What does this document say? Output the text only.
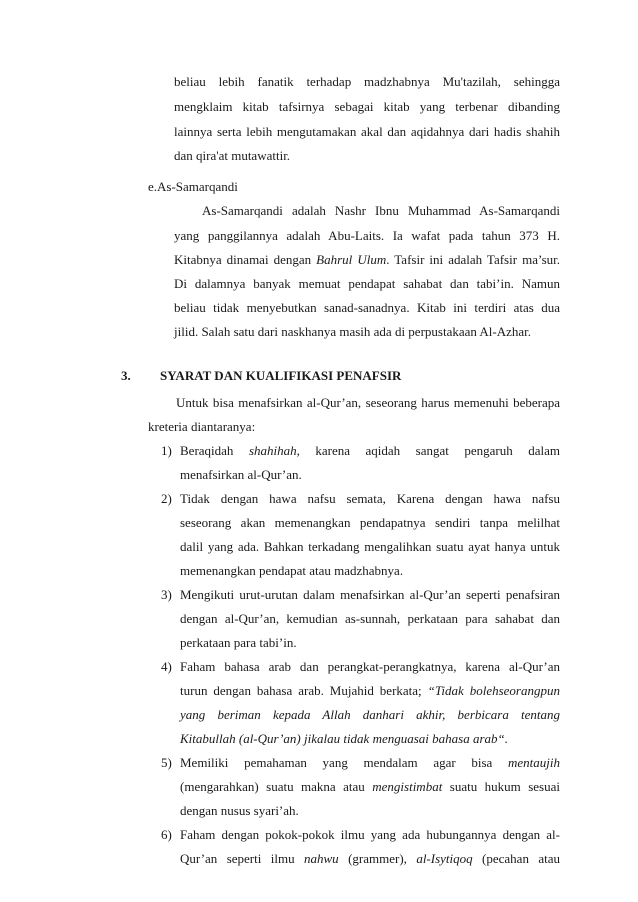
beliau lebih fanatik terhadap madzhabnya Mu'tazilah, sehingga
mengklaim kitab tafsirnya sebagai kitab yang terbenar dibanding
lainnya serta lebih mengutamakan akal dan aqidahnya dari hadis shahih
dan qira'at mutawattir.
e.As-Samarqandi
As-Samarqandi adalah Nashr Ibnu Muhammad As-Samarqandi
yang panggilannya adalah Abu-Laits. Ia wafat pada tahun 373 H.
Kitabnya dinamai dengan Bahrul Ulum. Tafsir ini adalah Tafsir ma’sur.
Di dalamnya banyak memuat pendapat sahabat dan tabi’in. Namun
beliau tidak menyebutkan sanad-sanadnya. Kitab ini terdiri atas dua
jilid. Salah satu dari naskhanya masih ada di perpustakaan Al-Azhar.
3. SYARAT DAN KUALIFIKASI PENAFSIR
Untuk bisa menafsirkan al-Qur’an, seseorang harus memenuhi beberapa
kreteria diantaranya:
1) Beraqidah shahihah, karena aqidah sangat pengaruh dalam
menafsirkan al-Qur’an.
2) Tidak dengan hawa nafsu semata, Karena dengan hawa nafsu
seseorang akan memenangkan pendapatnya sendiri tanpa melilhat
dalil yang ada. Bahkan terkadang mengalihkan suatu ayat hanya untuk
memenangkan pendapat atau madzhabnya.
3) Mengikuti urut-urutan dalam menafsirkan al-Qur’an seperti penafsiran
dengan al-Qur’an, kemudian as-sunnah, perkataan para sahabat dan
perkataan para tabi’in.
4) Faham bahasa arab dan perangkat-perangkatnya, karena al-Qur’an
turun dengan bahasa arab. Mujahid berkata; “Tidak bolehseorangpun
yang beriman kepada Allah danhari akhir, berbicara tentang
Kitabullah (al-Qur’an) jikalau tidak menguasai bahasa arab“.
5) Memiliki pemahaman yang mendalam agar bisa mentaujih
(mengarahkan) suatu makna atau mengistimbat suatu hukum sesuai
dengan nusus syari’ah.
6) Faham dengan pokok-pokok ilmu yang ada hubungannya dengan al-
Qur’an seperti ilmu nahwu (grammer), al-Isytiqoq (pecahan atau
